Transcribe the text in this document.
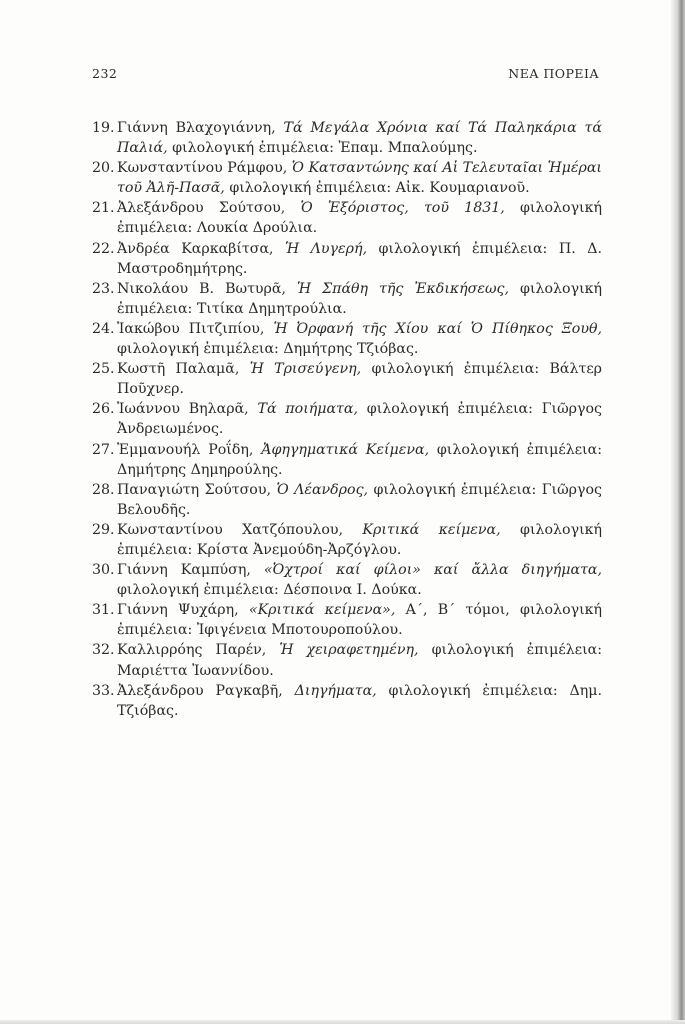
232	ΝΕΑ ΠΟΡΕΙΑ
19. Γιάννη Βλαχογιάννη, Τά Μεγάλα Χρόνια καί Τά Παληκάρια τά Παλιά, φιλολογική ἐπιμέλεια: Ἐπαμ. Μπαλούμης.
20. Κωνσταντίνου Ράμφου, Ὁ Κατσαντώνης καί Αἱ Τελευταῖαι Ἡμέραι τοῦ Ἀλῆ-Πασᾶ, φιλολογική ἐπιμέλεια: Αἰκ. Κουμαριανοῦ.
21. Ἀλεξάνδρου Σούτσου, Ὁ Ἐξόριστος, τοῦ 1831, φιλολογική ἐπιμέλεια: Λουκία Δρούλια.
22. Ἀνδρέα Καρκαβίτσα, Ἡ Λυγερή, φιλολογική ἐπιμέλεια: Π. Δ. Μαστροδημήτρης.
23. Νικολάου Β. Βωτυρᾶ, Ἡ Σπάθη τῆς Ἐκδικήσεως, φιλολογική ἐπιμέλεια: Τιτίκα Δημητρούλια.
24. Ἰακώβου Πιτζιπίου, Ἡ Ὀρφανή τῆς Χίου καί Ὁ Πίθηκος Ξουθ, φιλολογική ἐπιμέλεια: Δημήτρης Τζιόβας.
25. Κωστῆ Παλαμᾶ, Ἡ Τρισεύγενη, φιλολογική ἐπιμέλεια: Βάλτερ Ποῦχνερ.
26. Ἰωάννου Βηλαρᾶ, Τά ποιήματα, φιλολογική ἐπιμέλεια: Γιῶργος Ἀνδρειωμένος.
27. Ἐμμανουήλ Ροΐδη, Ἀφηγηματικά Κείμενα, φιλολογική ἐπιμέλεια: Δημήτρης Δημηρούλης.
28. Παναγιώτη Σούτσου, Ὁ Λέανδρος, φιλολογική ἐπιμέλεια: Γιῶργος Βελουδῆς.
29. Κωνσταντίνου Χατζόπουλου, Κριτικά κείμενα, φιλολογική ἐπιμέλεια: Κρίστα Ἀνεμούδη-Ἀρζόγλου.
30. Γιάννη Καμπύση, «Ὀχτροί καί φίλοι» καί ἄλλα διηγήματα, φιλολογική ἐπιμέλεια: Δέσποινα Ι. Δούκα.
31. Γιάννη Ψυχάρη, «Κριτικά κείμενα», Α΄, Β΄ τόμοι, φιλολογική ἐπιμέλεια: Ἰφιγένεια Μποτουροπούλου.
32. Καλλιρρόης Παρέν, Ἡ χειραφετημένη, φιλολογική ἐπιμέλεια: Μαριέττα Ἰωαννίδου.
33. Ἀλεξάνδρου Ραγκαβῆ, Διηγήματα, φιλολογική ἐπιμέλεια: Δημ. Τζιόβας.
